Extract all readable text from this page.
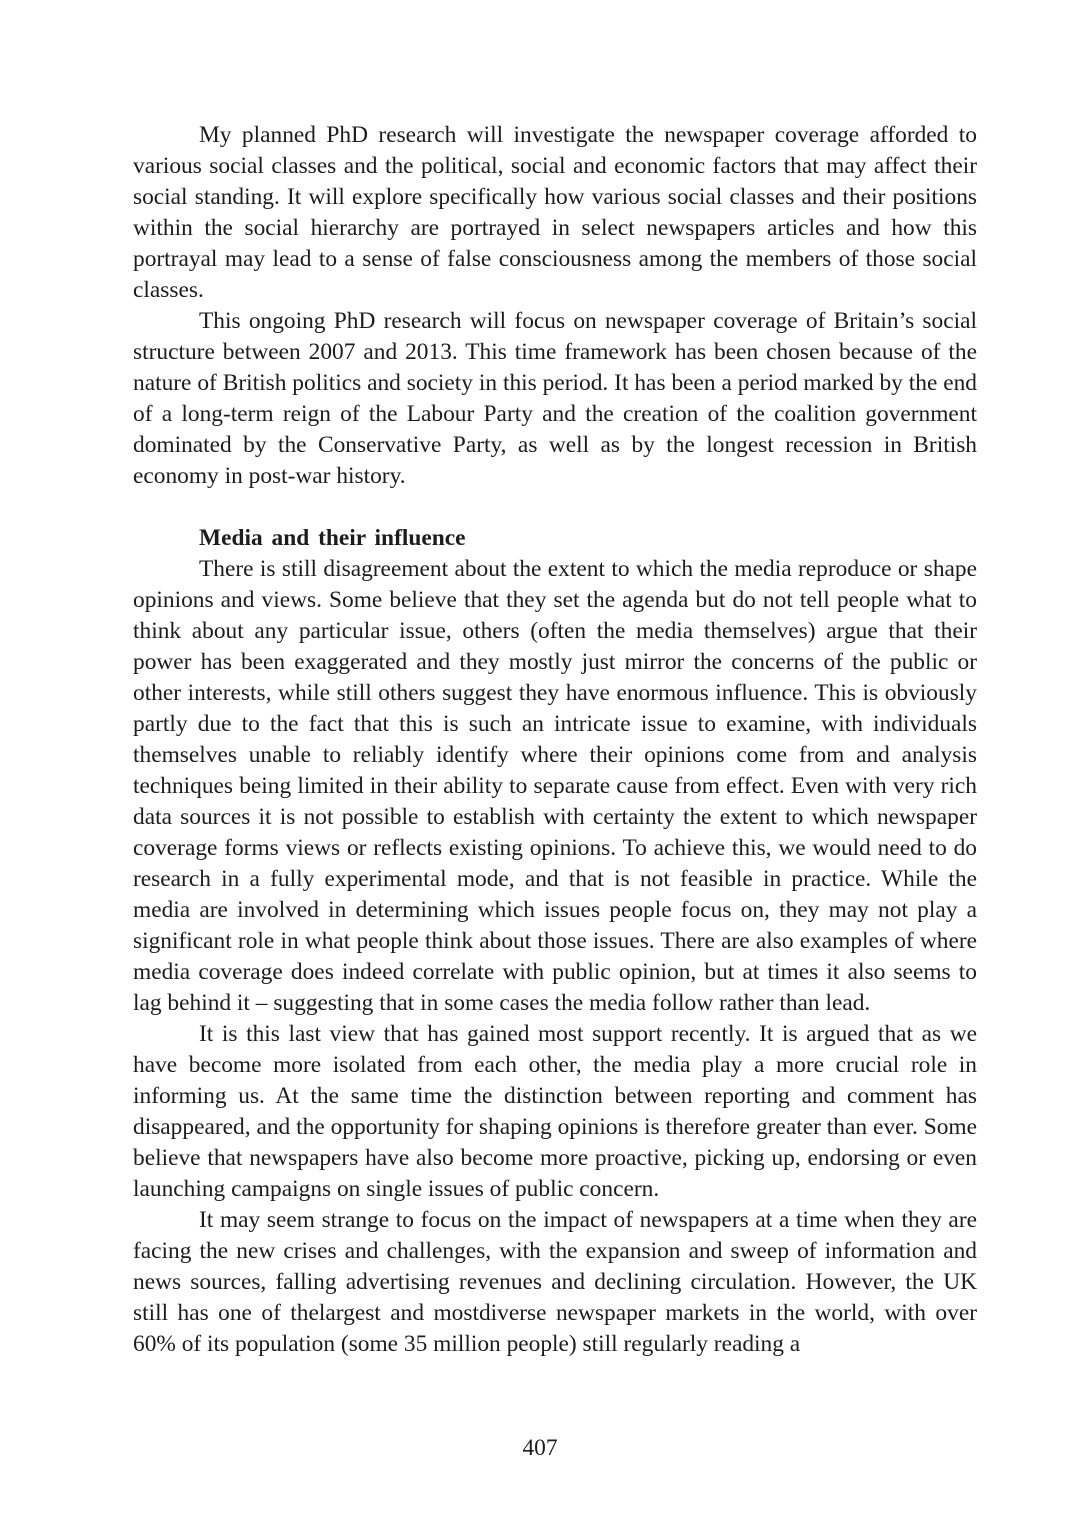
My planned PhD research will investigate the newspaper coverage afforded to various social classes and the political, social and economic factors that may affect their social standing. It will explore specifically how various social classes and their positions within the social hierarchy are portrayed in select newspapers articles and how this portrayal may lead to a sense of false consciousness among the members of those social classes.

This ongoing PhD research will focus on newspaper coverage of Britain’s social structure between 2007 and 2013. This time framework has been chosen because of the nature of British politics and society in this period. It has been a period marked by the end of a long-term reign of the Labour Party and the creation of the coalition government dominated by the Conservative Party, as well as by the longest recession in British economy in post-war history.

Media and their influence

There is still disagreement about the extent to which the media reproduce or shape opinions and views. Some believe that they set the agenda but do not tell people what to think about any particular issue, others (often the media themselves) argue that their power has been exaggerated and they mostly just mirror the concerns of the public or other interests, while still others suggest they have enormous influence. This is obviously partly due to the fact that this is such an intricate issue to examine, with individuals themselves unable to reliably identify where their opinions come from and analysis techniques being limited in their ability to separate cause from effect. Even with very rich data sources it is not possible to establish with certainty the extent to which newspaper coverage forms views or reflects existing opinions. To achieve this, we would need to do research in a fully experimental mode, and that is not feasible in practice. While the media are involved in determining which issues people focus on, they may not play a significant role in what people think about those issues. There are also examples of where media coverage does indeed correlate with public opinion, but at times it also seems to lag behind it – suggesting that in some cases the media follow rather than lead.

It is this last view that has gained most support recently. It is argued that as we have become more isolated from each other, the media play a more crucial role in informing us. At the same time the distinction between reporting and comment has disappeared, and the opportunity for shaping opinions is therefore greater than ever. Some believe that newspapers have also become more proactive, picking up, endorsing or even launching campaigns on single issues of public concern.

It may seem strange to focus on the impact of newspapers at a time when they are facing the new crises and challenges, with the expansion and sweep of information and news sources, falling advertising revenues and declining circulation. However, the UK still has one of thelargest and mostdiverse newspaper markets in the world, with over 60% of its population (some 35 million people) still regularly reading a

407
